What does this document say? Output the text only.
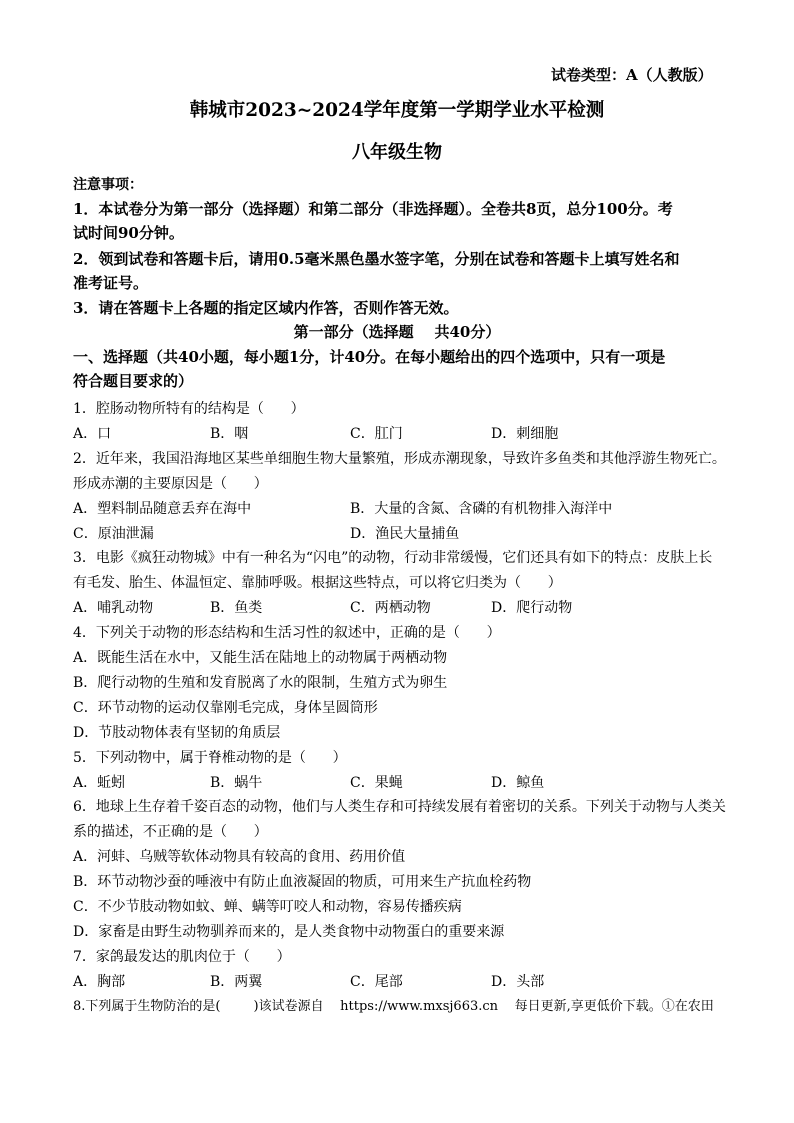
试卷类型：A（人教版）
韩城市2023~2024学年度第一学期学业水平检测
八年级生物
注意事项：
1．本试卷分为第一部分（选择题）和第二部分（非选择题）。全卷共8页，总分100分。考
试时间90分钟。
2．领到试卷和答题卡后，请用0.5毫米黑色墨水签字笔，分别在试卷和答题卡上填写姓名和
准考证号。
3．请在答题卡上各题的指定区域内作答，否则作答无效。
第一部分（选择题    共40分）
一、选择题（共40小题，每小题1分，计40分。在每小题给出的四个选项中，只有一项是
符合题目要求的）
1．腔肠动物所特有的结构是（      ）
A．口	B．咽	C．肛门	D．刺细胞
2．近年来，我国沿海地区某些单细胞生物大量繁殖，形成赤潮现象，导致许多鱼类和其他浮游生物死亡。
形成赤潮的主要原因是（      ）
A．塑料制品随意丢弃在海中	B．大量的含氮、含磷的有机物排入海洋中
C．原油泄漏	D．渔民大量捕鱼
3．电影《疯狂动物城》中有一种名为“闪电”的动物，行动非常缓慢，它们还具有如下的特点：皮肤上长
有毛发、胎生、体温恒定、靠肺呼吸。根据这些特点，可以将它归类为（      ）
A．哺乳动物	B．鱼类	C．两栖动物	D．爬行动物
4．下列关于动物的形态结构和生活习性的叙述中，正确的是（      ）
A．既能生活在水中，又能生活在陆地上的动物属于两栖动物
B．爬行动物的生殖和发育脱离了水的限制，生殖方式为卵生
C．环节动物的运动仅靠刚毛完成，身体呈圆筒形
D．节肢动物体表有坚韧的角质层
5．下列动物中，属于脊椎动物的是（      ）
A．蚯蚓	B．蜗牛	C．果蝇	D．鲸鱼
6．地球上生存着千姿百态的动物，他们与人类生存和可持续发展有着密切的关系。下列关于动物与人类关
系的描述，不正确的是（      ）
A．河蚌、乌贼等软体动物具有较高的食用、药用价值
B．环节动物沙蚕的唾液中有防止血液凝固的物质，可用来生产抗血栓药物
C．不少节肢动物如蚊、蝉、螨等叮咬人和动物，容易传播疾病
D．家畜是由野生动物驯养而来的，是人类食物中动物蛋白的重要来源
7．家鸽最发达的肌肉位于（      ）
A．胸部	B．两翼	C．尾部	D．头部
8.下列属于生物防治的是(        )该试卷源自 https://www.mxsj663.cn 每日更新,享更低价下载。①在农田
